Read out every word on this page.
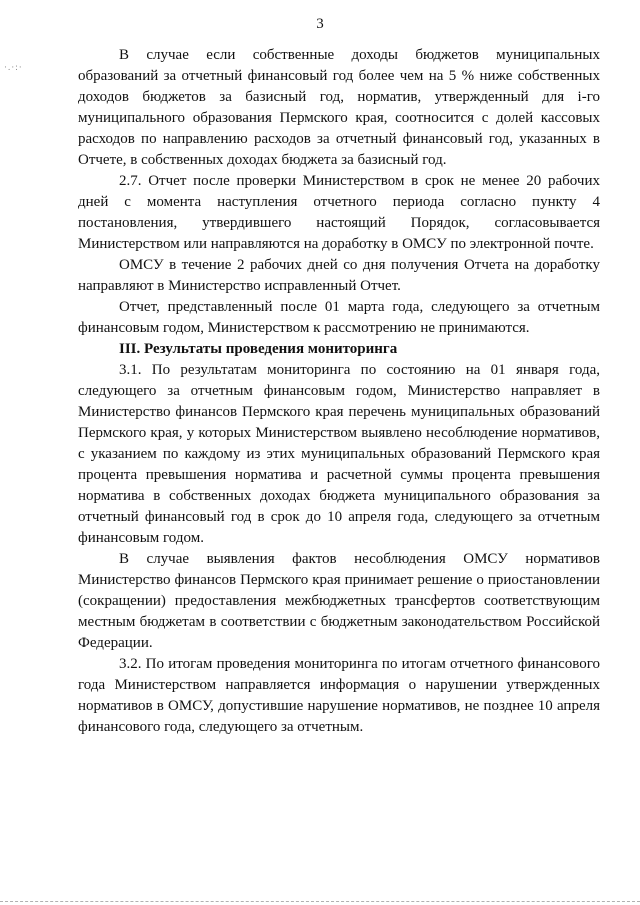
3
·.·:·

В случае если собственные доходы бюджетов муниципальных образований за отчетный финансовый год более чем на 5 % ниже собственных доходов бюджетов за базисный год, норматив, утвержденный для i-го муниципального образования Пермского края, соотносится с долей кассовых расходов по направлению расходов за отчетный финансовый год, указанных в Отчете, в собственных доходах бюджета за базисный год.

2.7. Отчет после проверки Министерством в срок не менее 20 рабочих дней с момента наступления отчетного периода согласно пункту 4 постановления, утвердившего настоящий Порядок, согласовывается Министерством или направляются на доработку в ОМСУ по электронной почте.

ОМСУ в течение 2 рабочих дней со дня получения Отчета на доработку направляют в Министерство исправленный Отчет.

Отчет, представленный после 01 марта года, следующего за отчетным финансовым годом, Министерством к рассмотрению не принимаются.

III. Результаты проведения мониторинга

3.1. По результатам мониторинга по состоянию на 01 января года, следующего за отчетным финансовым годом, Министерство направляет в Министерство финансов Пермского края перечень муниципальных образований Пермского края, у которых Министерством выявлено несоблюдение нормативов, с указанием по каждому из этих муниципальных образований Пермского края процента превышения норматива и расчетной суммы процента превышения норматива в собственных доходах бюджета муниципального образования за отчетный финансовый год в срок до 10 апреля года, следующего за отчетным финансовым годом.

В случае выявления фактов несоблюдения ОМСУ нормативов Министерство финансов Пермского края принимает решение о приостановлении (сокращении) предоставления межбюджетных трансфертов соответствующим местным бюджетам в соответствии с бюджетным законодательством Российской Федерации.

3.2. По итогам проведения мониторинга по итогам отчетного финансового года Министерством направляется информация о нарушении утвержденных нормативов в ОМСУ, допустившие нарушение нормативов, не позднее 10 апреля финансового года, следующего за отчетным.
